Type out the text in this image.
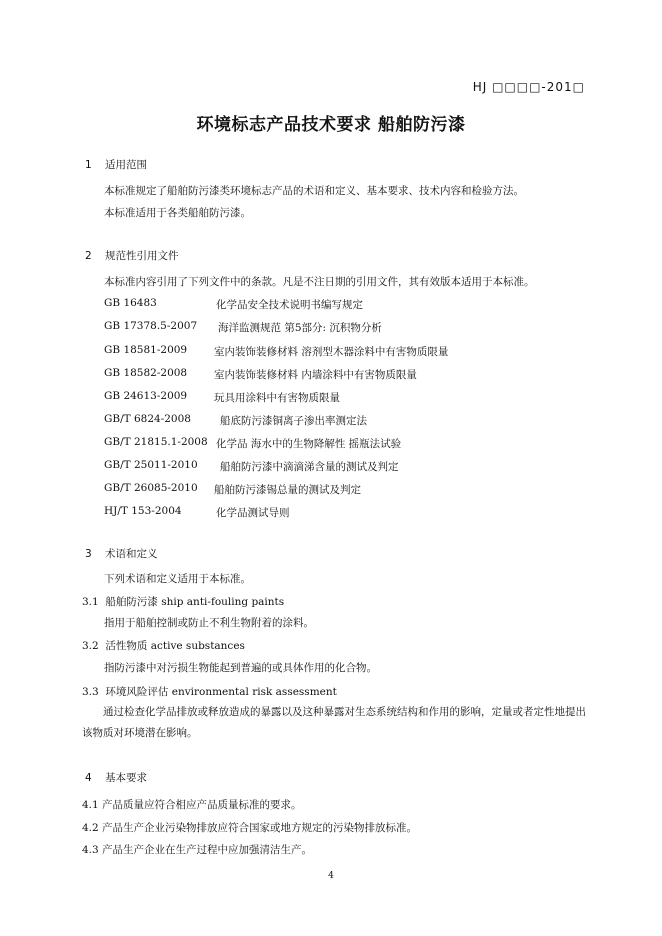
HJ □□□□-201□
环境标志产品技术要求 船舶防污漆
1 适用范围
本标准规定了船舶防污漆类环境标志产品的术语和定义、基本要求、技术内容和检验方法。
本标准适用于各类船舶防污漆。
2 规范性引用文件
本标准内容引用了下列文件中的条款。凡是不注日期的引用文件，其有效版本适用于本标准。
GB 16483	化学品安全技术说明书编写规定
GB 17378.5-2007 海洋监测规范 第5部分: 沉积物分析
GB 18581-2009	室内装饰装修材料 溶剂型木器涂料中有害物质限量
GB 18582-2008	室内装饰装修材料 内墙涂料中有害物质限量
GB 24613-2009	玩具用涂料中有害物质限量
GB/T 6824-2008	船底防污漆铜离子渗出率测定法
GB/T 21815.1-2008 化学品 海水中的生物降解性 摇瓶法试验
GB/T 25011-2010 船舶防污漆中滴滴涕含量的测试及判定
GB/T 26085-2010 船舶防污漆锡总量的测试及判定
HJ/T 153-2004	化学品测试导则
3 术语和定义
下列术语和定义适用于本标准。
3.1 船舶防污漆 ship anti-fouling paints
指用于船舶控制或防止不利生物附着的涂料。
3.2 活性物质 active substances
指防污漆中对污损生物能起到普遍的或具体作用的化合物。
3.3 环境风险评估 environmental risk assessment
通过检查化学品排放或释放造成的暴露以及这种暴露对生态系统结构和作用的影响，定量或者定性地提出该物质对环境潜在影响。
4 基本要求
4.1 产品质量应符合相应产品质量标准的要求。
4.2 产品生产企业污染物排放应符合国家或地方规定的污染物排放标准。
4.3 产品生产企业在生产过程中应加强清洁生产。
4
